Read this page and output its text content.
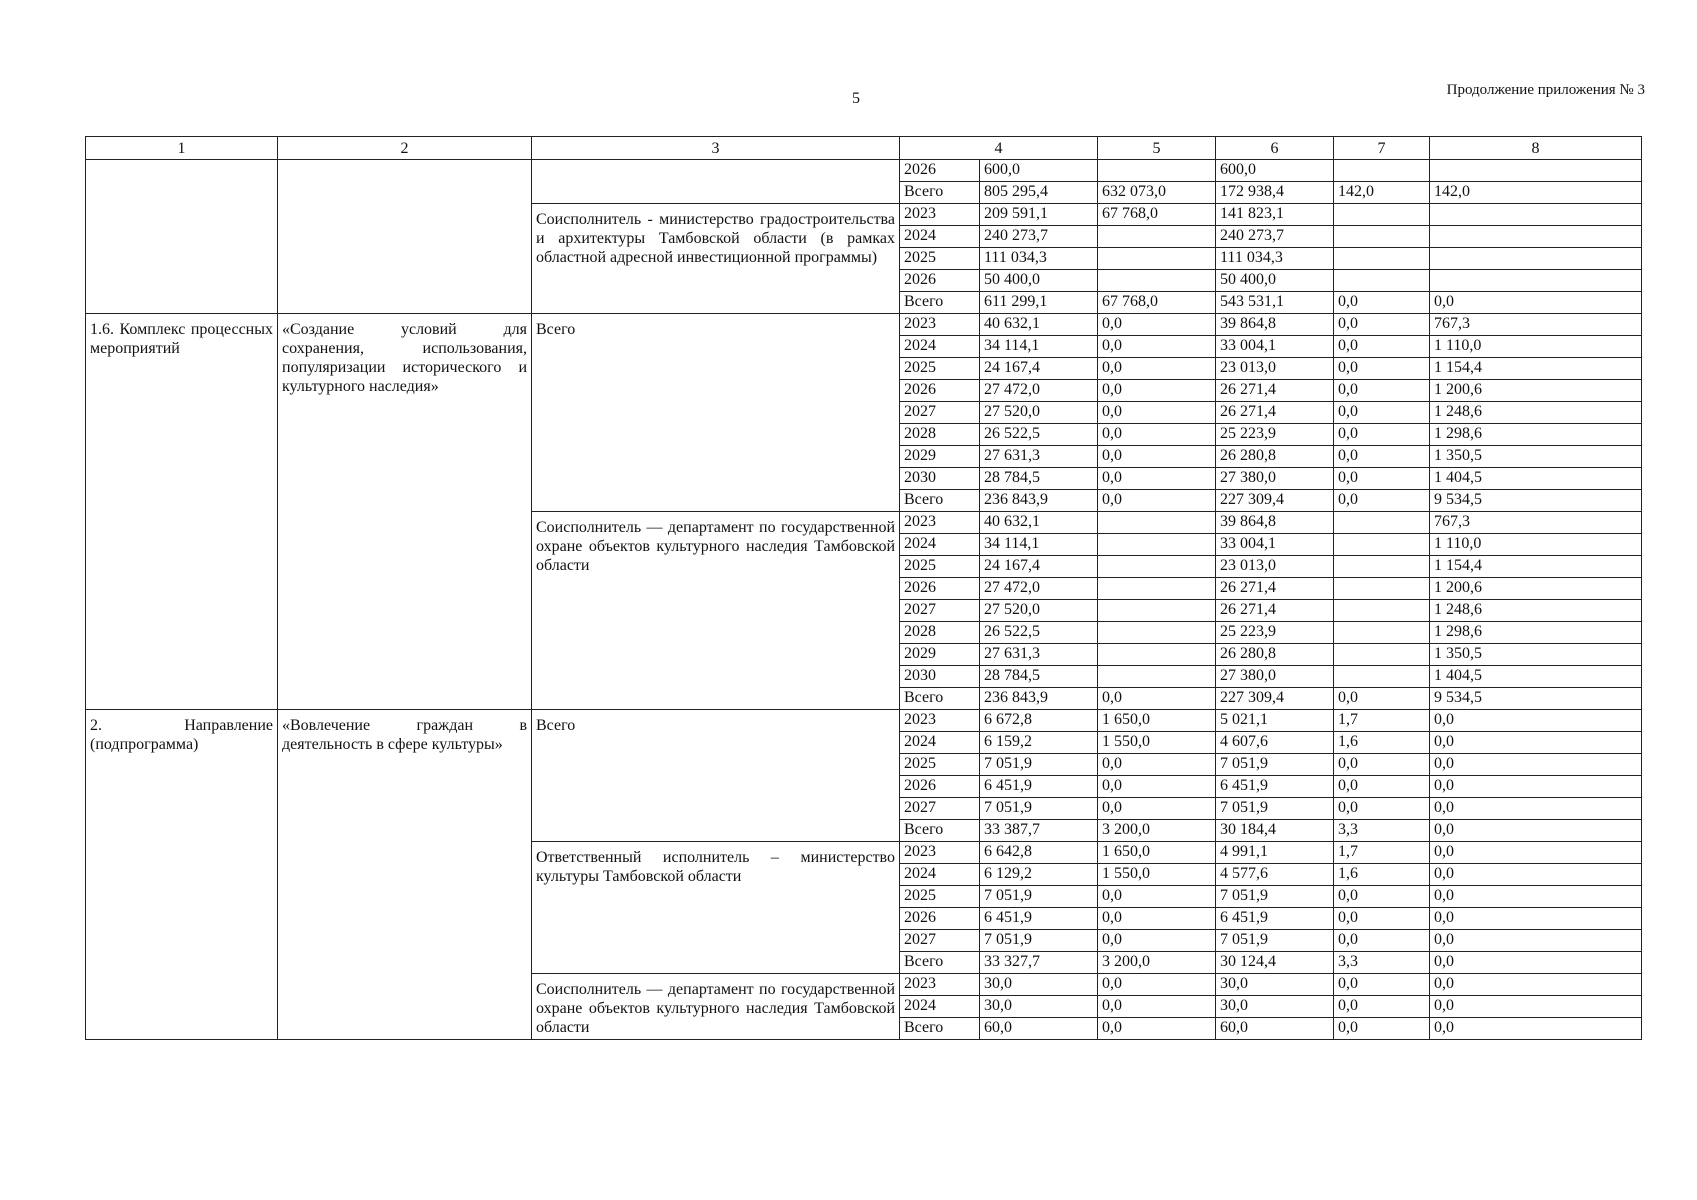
5	Продолжение приложения № 3
1	2	3	4		5	6	7	8
			2026	600,0		600,0		
			Всего	805 295,4	632 073,0	172 938,4	142,0	142,0
		Соисполнитель - министерство градостроительства и архитектуры Тамбовской области (в рамках областной адресной инвестиционной программы)	2023	209 591,1	67 768,0	141 823,1		
			2024	240 273,7		240 273,7		
			2025	111 034,3		111 034,3		
			2026	50 400,0		50 400,0		
			Всего	611 299,1	67 768,0	543 531,1	0,0	0,0
1.6. Комплекс процессных мероприятий	«Создание условий для сохранения, использования, популяризации исторического и культурного наследия»	Всего	2023	40 632,1	0,0	39 864,8	0,0	767,3
			2024	34 114,1	0,0	33 004,1	0,0	1 110,0
			2025	24 167,4	0,0	23 013,0	0,0	1 154,4
			2026	27 472,0	0,0	26 271,4	0,0	1 200,6
			2027	27 520,0	0,0	26 271,4	0,0	1 248,6
			2028	26 522,5	0,0	25 223,9	0,0	1 298,6
			2029	27 631,3	0,0	26 280,8	0,0	1 350,5
			2030	28 784,5	0,0	27 380,0	0,0	1 404,5
			Всего	236 843,9	0,0	227 309,4	0,0	9 534,5
		Соисполнитель — департамент по государственной охране объектов культурного наследия Тамбовской области	2023	40 632,1		39 864,8		767,3
			2024	34 114,1		33 004,1		1 110,0
			2025	24 167,4		23 013,0		1 154,4
			2026	27 472,0		26 271,4		1 200,6
			2027	27 520,0		26 271,4		1 248,6
			2028	26 522,5		25 223,9		1 298,6
			2029	27 631,3		26 280,8		1 350,5
			2030	28 784,5		27 380,0		1 404,5
			Всего	236 843,9	0,0	227 309,4	0,0	9 534,5
2. Направление (подпрограмма)	«Вовлечение граждан в деятельность в сфере культуры»	Всего	2023	6 672,8	1 650,0	5 021,1	1,7	0,0
			2024	6 159,2	1 550,0	4 607,6	1,6	0,0
			2025	7 051,9	0,0	7 051,9	0,0	0,0
			2026	6 451,9	0,0	6 451,9	0,0	0,0
			2027	7 051,9	0,0	7 051,9	0,0	0,0
			Всего	33 387,7	3 200,0	30 184,4	3,3	0,0
		Ответственный исполнитель – министерство культуры Тамбовской области	2023	6 642,8	1 650,0	4 991,1	1,7	0,0
			2024	6 129,2	1 550,0	4 577,6	1,6	0,0
			2025	7 051,9	0,0	7 051,9	0,0	0,0
			2026	6 451,9	0,0	6 451,9	0,0	0,0
			2027	7 051,9	0,0	7 051,9	0,0	0,0
			Всего	33 327,7	3 200,0	30 124,4	3,3	0,0
		Соисполнитель — департамент по государственной охране объектов культурного наследия Тамбовской области	2023	30,0	0,0	30,0	0,0	0,0
			2024	30,0	0,0	30,0	0,0	0,0
			Всего	60,0	0,0	60,0	0,0	0,0
